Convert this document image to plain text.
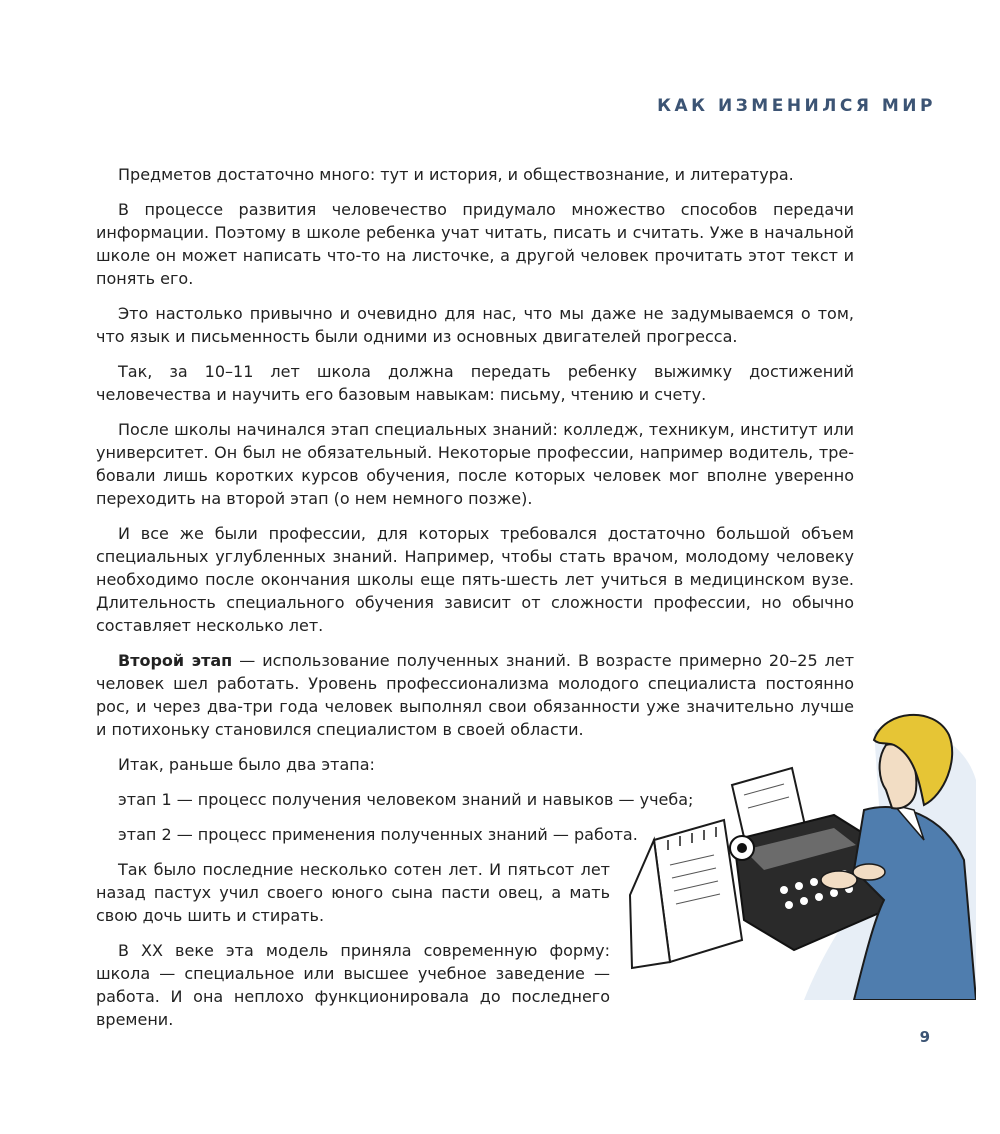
КАК ИЗМЕНИЛСЯ МИР

Предметов достаточно много: тут и история, и обществознание, и литература.

В процессе развития человечество придумало множество способов передачи информации. Поэтому в школе ребенка учат читать, писать и считать. Уже в начальной школе он может написать что-то на листочке, а другой человек прочитать этот текст и понять его.

Это настолько привычно и очевидно для нас, что мы даже не задумываемся о том, что язык и письменность были одними из основных двигателей прогресса.

Так, за 10–11 лет школа должна передать ребенку выжимку достижений человечества и научить его базовым навыкам: письму, чтению и счету.

После школы начинался этап специальных знаний: колледж, техникум, институт или университет. Он был не обязательный. Некоторые профессии, например водитель, требовали лишь коротких курсов обучения, после которых человек мог вполне уверенно переходить на второй этап (о нем немного позже).

И все же были профессии, для которых требовался достаточно большой объем специальных углубленных знаний. Например, чтобы стать врачом, молодому человеку необходимо после окончания школы еще пять-шесть лет учиться в медицинском вузе. Длительность специального обучения зависит от сложности профессии, но обычно составляет несколько лет.

Второй этап — использование полученных знаний. В возрасте примерно 20–25 лет человек шел работать. Уровень профессионализма молодого специалиста постоянно рос, и через два-три года человек выполнял свои обязанности уже значительно лучше и потихоньку становился специалистом в своей области.

Итак, раньше было два этапа:

этап 1 — процесс получения человеком знаний и навыков — учеба;

этап 2 — процесс применения полученных знаний — работа.

Так было последние несколько сотен лет. И пятьсот лет назад пастух учил своего юного сына пасти овец, а мать свою дочь шить и стирать.

В XX веке эта модель приняла современную форму: школа — специальное или высшее учебное заведение — работа. И она неплохо функционировала до последнего времени.

9
